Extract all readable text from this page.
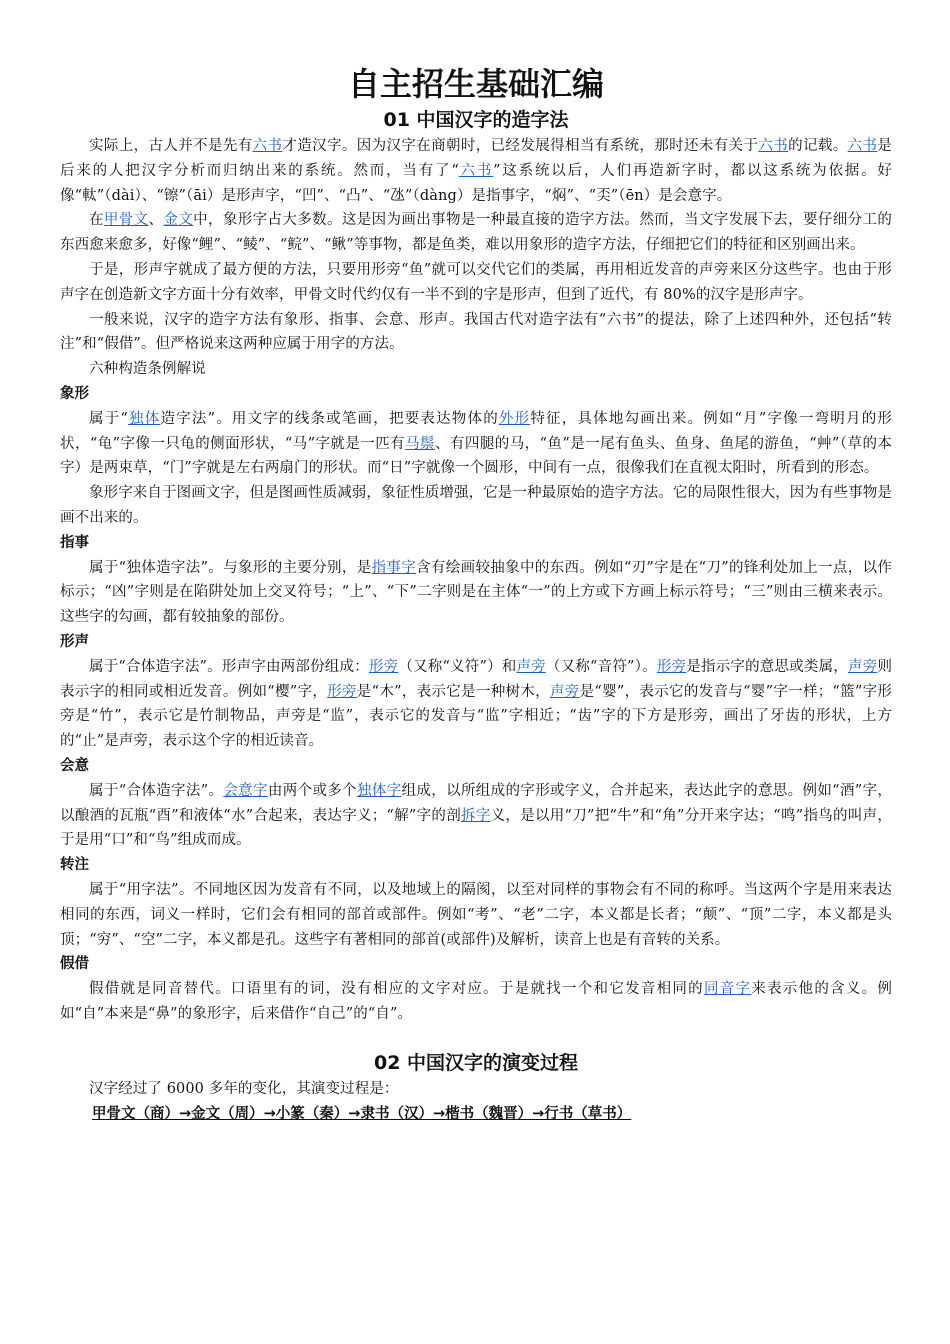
自主招生基础汇编
01 中国汉字的造字法

实际上，古人并不是先有六书才造汉字。因为汉字在商朝时，已经发展得相当有系统，那时还未有关于六书的记载。六书是后来的人把汉字分析而归纳出来的系统。然而，当有了“六书”这系统以后，人们再造新字时，都以这系统为依据。好像“軚”（dài）、“镲”（āi）是形声字，“凹”、“凸”、“氹”（dàng）是指事字，“焖”、“奀”（ēn）是会意字。

在甲骨文、金文中，象形字占大多数。这是因为画出事物是一种最直接的造字方法。然而，当文字发展下去，要仔细分工的东西愈来愈多，好像“鲤”、“鲮”、“鲩”、“鳅”等事物，都是鱼类，难以用象形的造字方法，仔细把它们的特征和区别画出来。

于是，形声字就成了最方便的方法，只要用形旁“鱼”就可以交代它们的类属，再用相近发音的声旁来区分这些字。也由于形声字在创造新文字方面十分有效率，甲骨文时代约仅有一半不到的字是形声，但到了近代，有 80%的汉字是形声字。

一般来说，汉字的造字方法有象形、指事、会意、形声。我国古代对造字法有“六书”的提法，除了上述四种外，还包括“转注”和“假借”。但严格说来这两种应属于用字的方法。

六种构造条例解说

象形

属于“独体造字法”。用文字的线条或笔画，把要表达物体的外形特征，具体地勾画出来。例如“月”字像一弯明月的形状，“龟”字像一只龟的侧面形状，“马”字就是一匹有马鬃、有四腿的马，“鱼”是一尾有鱼头、鱼身、鱼尾的游鱼，“艸”（草的本字）是两束草，“门”字就是左右两扇门的形状。而“日”字就像一个圆形，中间有一点，很像我们在直视太阳时，所看到的形态。

象形字来自于图画文字，但是图画性质减弱，象征性质增强，它是一种最原始的造字方法。它的局限性很大，因为有些事物是画不出来的。

指事

属于“独体造字法”。与象形的主要分别，是指事字含有绘画较抽象中的东西。例如“刃”字是在“刀”的锋利处加上一点，以作标示；“凶”字则是在陷阱处加上交叉符号；“上”、“下”二字则是在主体“一”的上方或下方画上标示符号；“三”则由三横来表示。这些字的勾画，都有较抽象的部份。

形声

属于“合体造字法”。形声字由两部份组成：形旁（又称“义符”）和声旁（又称“音符”）。形旁是指示字的意思或类属，声旁则表示字的相同或相近发音。例如“樱”字，形旁是“木”，表示它是一种树木，声旁是“婴”，表示它的发音与“婴”字一样；“篮”字形旁是“竹”，表示它是竹制物品，声旁是“监”，表示它的发音与“监”字相近；“齿”字的下方是形旁，画出了牙齿的形状，上方的“止”是声旁，表示这个字的相近读音。

会意

属于“合体造字法”。会意字由两个或多个独体字组成，以所组成的字形或字义，合并起来，表达此字的意思。例如“酒”字，以酿酒的瓦瓶“酉”和液体“水”合起来，表达字义；“解”字的剖拆字义，是以用“刀”把“牛”和“角”分开来字达；“鸣”指鸟的叫声，于是用“口”和“鸟”组成而成。

转注

属于“用字法”。不同地区因为发音有不同，以及地域上的隔阂，以至对同样的事物会有不同的称呼。当这两个字是用来表达相同的东西，词义一样时，它们会有相同的部首或部件。例如“考”、“老”二字，本义都是长者；“颠”、“顶”二字，本义都是头顶；“穷”、“空”二字，本义都是孔。这些字有著相同的部首(或部件)及解析，读音上也是有音转的关系。

假借

假借就是同音替代。口语里有的词，没有相应的文字对应。于是就找一个和它发音相同的同音字来表示他的含义。例如“自”本来是“鼻”的象形字，后来借作“自己”的“自”。

02 中国汉字的演变过程

汉字经过了 6000 多年的变化，其演变过程是：

甲骨文（商）→金文（周）→小篆（秦）→隶书（汉）→楷书（魏晋）→行书（草书）
